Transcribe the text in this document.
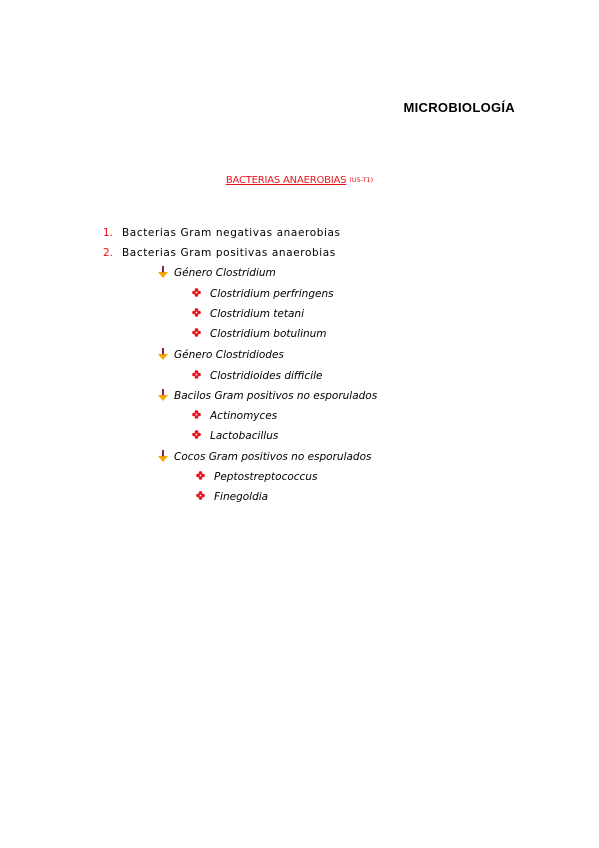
MICROBIOLOGÍA
BACTERIAS ANAEROBIAS (U5-T1)
1. Bacterias Gram negativas anaerobias
2. Bacterias Gram positivas anaerobias
Género Clostridium
Clostridium perfringens
Clostridium tetani
Clostridium botulinum
Género Clostridiodes
Clostridioides difficile
Bacilos Gram positivos no esporulados
Actinomyces
Lactobacillus
Cocos Gram positivos no esporulados
Peptostreptococcus
Finegoldia
